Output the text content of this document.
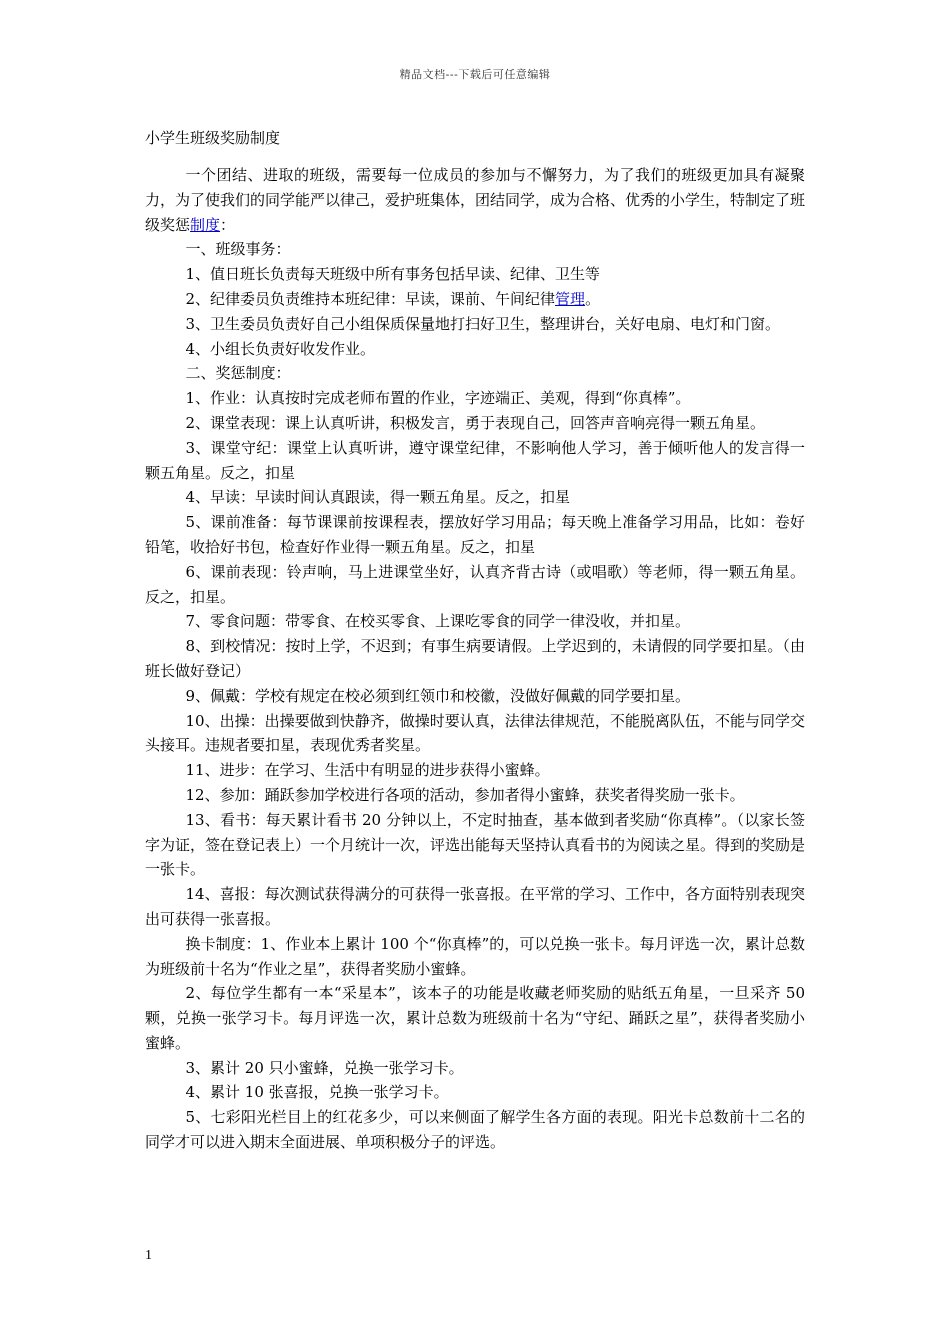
精品文档---下载后可任意编辑
小学生班级奖励制度

一个团结、进取的班级，需要每一位成员的参加与不懈努力，为了我们的班级更加具有凝聚力，为了使我们的同学能严以律己，爱护班集体，团结同学，成为合格、优秀的小学生，特制定了班级奖惩制度：

一、班级事务：

1、值日班长负责每天班级中所有事务包括早读、纪律、卫生等

2、纪律委员负责维持本班纪律：早读，课前、午间纪律管理。

3、卫生委员负责好自己小组保质保量地打扫好卫生，整理讲台，关好电扇、电灯和门窗。

4、小组长负责好收发作业。

二、奖惩制度：

1、作业：认真按时完成老师布置的作业，字迹端正、美观，得到“你真棒”。

2、课堂表现：课上认真听讲，积极发言，勇于表现自己，回答声音响亮得一颗五角星。

3、课堂守纪：课堂上认真听讲，遵守课堂纪律，不影响他人学习，善于倾听他人的发言得一颗五角星。反之，扣星

4、早读：早读时间认真跟读，得一颗五角星。反之，扣星

5、课前准备：每节课课前按课程表，摆放好学习用品；每天晚上准备学习用品，比如：卷好铅笔，收拾好书包，检查好作业得一颗五角星。反之，扣星

6、课前表现：铃声响，马上进课堂坐好，认真齐背古诗（或唱歌）等老师，得一颗五角星。反之，扣星。

7、零食问题：带零食、在校买零食、上课吃零食的同学一律没收，并扣星。

8、到校情况：按时上学，不迟到；有事生病要请假。上学迟到的，未请假的同学要扣星。（由班长做好登记）

9、佩戴：学校有规定在校必须到红领巾和校徽，没做好佩戴的同学要扣星。

10、出操：出操要做到快静齐，做操时要认真，法律法律规范，不能脱离队伍，不能与同学交头接耳。违规者要扣星，表现优秀者奖星。

11、进步：在学习、生活中有明显的进步获得小蜜蜂。

12、参加：踊跃参加学校进行各项的活动，参加者得小蜜蜂，获奖者得奖励一张卡。

13、看书：每天累计看书 20 分钟以上，不定时抽查，基本做到者奖励“你真棒”。（以家长签字为证，签在登记表上）一个月统计一次，评选出能每天坚持认真看书的为阅读之星。得到的奖励是一张卡。

14、喜报：每次测试获得满分的可获得一张喜报。在平常的学习、工作中，各方面特别表现突出可获得一张喜报。

换卡制度：1、作业本上累计 100 个“你真棒”的，可以兑换一张卡。每月评选一次，累计总数为班级前十名为“作业之星”，获得者奖励小蜜蜂。

2、每位学生都有一本“采星本”，该本子的功能是收藏老师奖励的贴纸五角星，一旦采齐 50 颗，兑换一张学习卡。每月评选一次，累计总数为班级前十名为“守纪、踊跃之星”，获得者奖励小蜜蜂。

3、累计 20 只小蜜蜂，兑换一张学习卡。

4、累计 10 张喜报，兑换一张学习卡。

5、七彩阳光栏目上的红花多少，可以来侧面了解学生各方面的表现。阳光卡总数前十二名的同学才可以进入期末全面进展、单项积极分子的评选。

1
